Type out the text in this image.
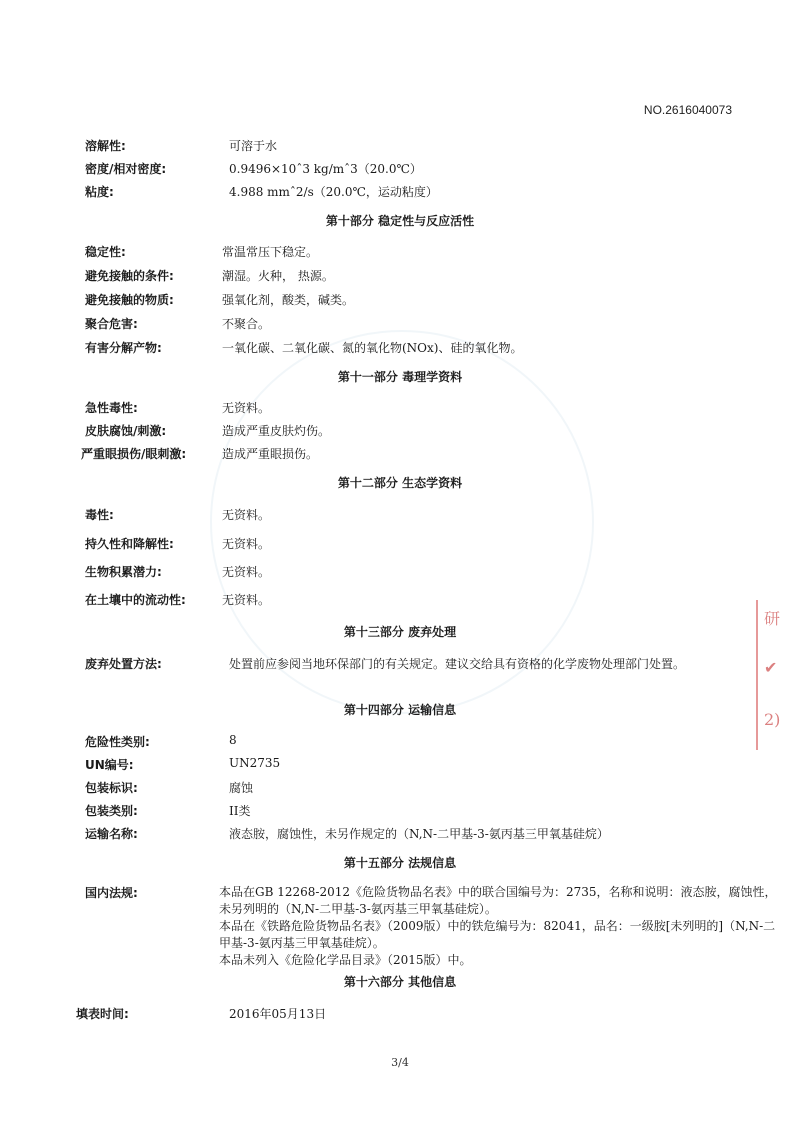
NO.2616040073
溶解性:	可溶于水
密度/相对密度:	0.9496×10ˆ3 kg/mˆ3（20.0℃）
粘度:	4.988 mmˆ2/s（20.0℃，运动粘度）
第十部分 稳定性与反应活性
稳定性:	常温常压下稳定。
避免接触的条件:	潮湿。火种， 热源。
避免接触的物质:	强氧化剂，酸类，碱类。
聚合危害:	不聚合。
有害分解产物:	一氧化碳、二氧化碳、氮的氧化物(NOx)、硅的氧化物。
第十一部分 毒理学资料
急性毒性:	无资料。
皮肤腐蚀/刺激:	造成严重皮肤灼伤。
严重眼损伤/眼刺激:	造成严重眼损伤。
第十二部分 生态学资料
毒性:	无资料。
持久性和降解性:	无资料。
生物积累潜力:	无资料。
在土壤中的流动性:	无资料。
第十三部分 废弃处理
废弃处置方法:	处置前应参阅当地环保部门的有关规定。建议交给具有资格的化学废物处理部门处置。
第十四部分 运输信息
危险性类别:	8
UN编号:	UN2735
包装标识:	腐蚀
包装类别:	II类
运输名称:	液态胺，腐蚀性，未另作规定的（N,N-二甲基-3-氨丙基三甲氧基硅烷）
第十五部分 法规信息
国内法规:	本品在GB 12268-2012《危险货物品名表》中的联合国编号为：2735，名称和说明：液态胺，腐蚀性，未另列明的（N,N-二甲基-3-氨丙基三甲氧基硅烷）。

本品在《铁路危险货物品名表》（2009版）中的铁危编号为：82041，品名：一级胺[未列明的]（N,N-二甲基-3-氨丙基三甲氧基硅烷）。

本品未列入《危险化学品目录》（2015版）中。

第十六部分 其他信息
填表时间:	2016年05月13日
3/4
研
✔
2)
